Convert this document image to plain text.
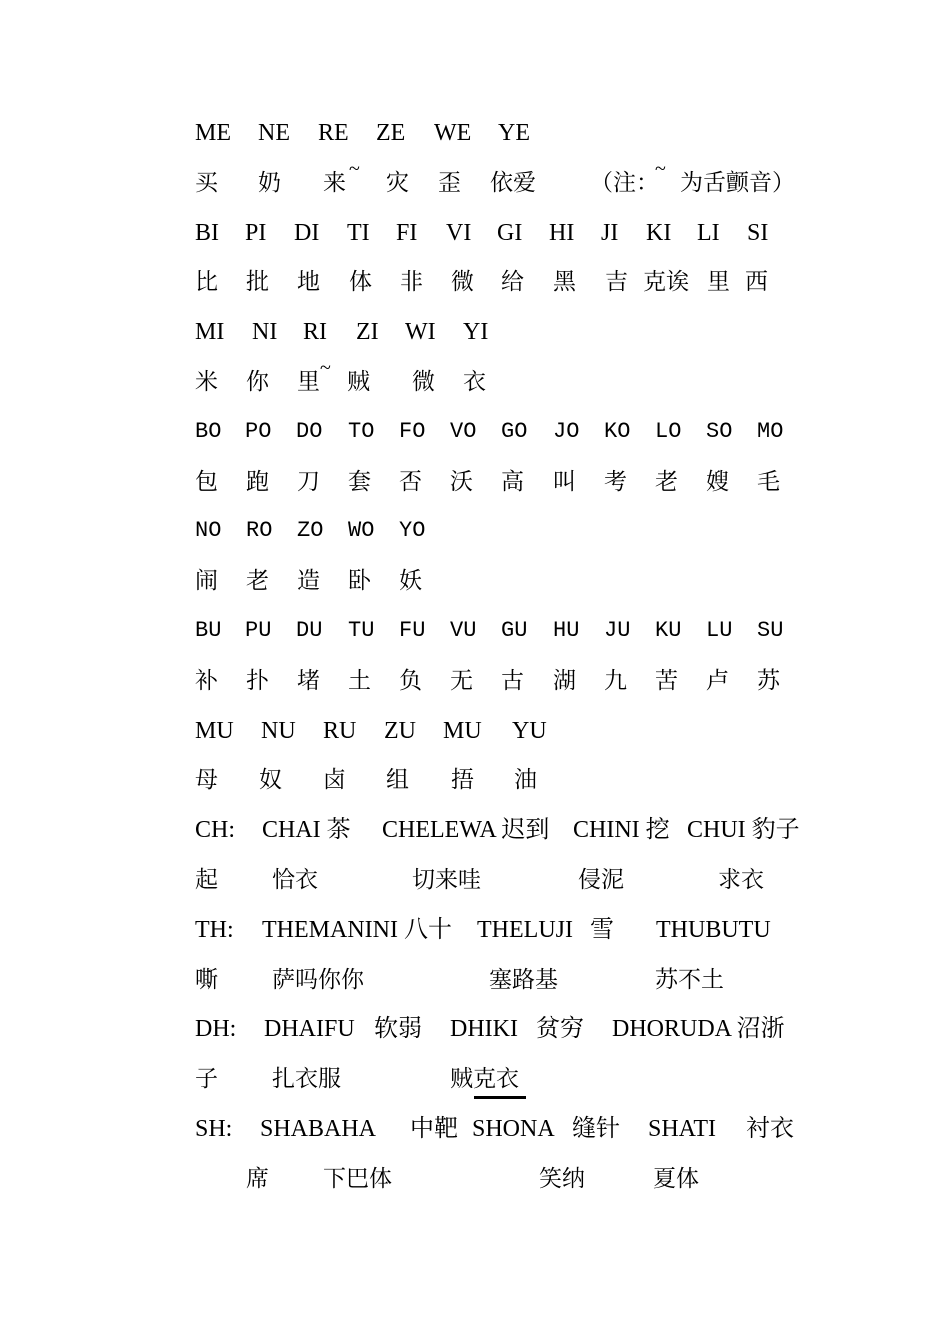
ME NE RE ZE WE YE
买 奶 来 灾 歪 依爱 （注： 为舌颤音）
~	~
BI PI DI TI FI VI GI HI JI KI LI SI
比 批 地 体 非 微 给 黑 吉 克诶 里 西
MI NI RI ZI WI YI
米 你 里 贼 微 衣
~
BO PO DO TO FO VO GO JO KO LO SO MO
包 跑 刀 套 否 沃 高 叫 考 老 嫂 毛
NO RO ZO WO YO
闹 老 造 卧 妖
BU PU DU TU FU VU GU HU JU KU LU SU
补 扑 堵 土 负 无 古 湖 九 苦 卢 苏
MU NU RU ZU MU YU
母 奴 卤 组 捂 油
CH: CHAI 茶 CHELEWA 迟到 CHINI 挖 CHUI 豹子
起 恰衣	切来哇	侵泥	求衣
TH: THEMANINI 八十 THELUJI 雪 THUBUTU
嘶 萨吗你你	塞路基	苏不土
DH: DHAIFU 软弱 DHIKI 贫穷 DHORUDA 沼浙
子 扎衣服	贼克衣
SH: SHABAHA 中靶 SHONA 缝针 SHATI 衬衣
席 下巴体	笑纳	夏体
